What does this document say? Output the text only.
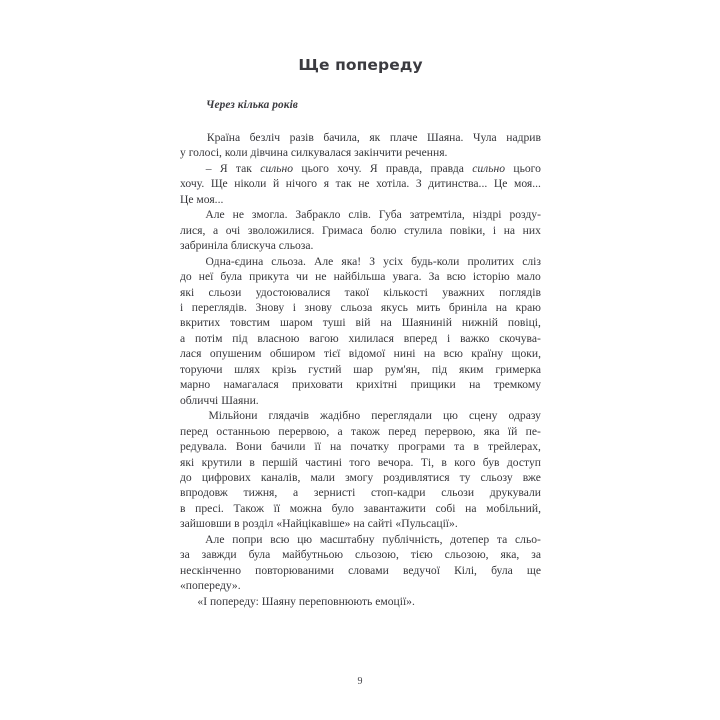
Ще попереду
Через кілька років

Країна безліч разів бачила, як плаче Шаяна. Чула надрив
у голосі, коли дівчина силкувалася закінчити речення.

– Я так сильно цього хочу. Я правда, правда сильно цього
хочу. Ще ніколи й нічого я так не хотіла. З дитинства... Це моя...
Це моя...

Але не змогла. Забракло слів. Губа затремтіла, ніздрі розду-
лися, а очі зволожилися. Гримаса болю стулила повіки, і на них
забриніла блискуча сльоза.

Одна-єдина сльоза. Але яка! З усіх будь-коли пролитих сліз
до неї була прикута чи не найбільша увага. За всю історію мало
які сльози удостоювалися такої кількості уважних поглядів
і переглядів. Знову і знову сльоза якусь мить бриніла на краю
вкритих товстим шаром туші вій на Шаяниній нижній повіці,
а потім під власною вагою хилилася вперед і важко скочува-
лася опушеним обширом тієї відомої нині на всю країну щоки,
торуючи шлях крізь густий шар рум'ян, під яким гримерка
марно намагалася приховати крихітні прищики на тремкому
обличчі Шаяни.

Мільйони глядачів жадібно переглядали цю сцену одразу
перед останньою перервою, а також перед перервою, яка їй пе-
редувала. Вони бачили її на початку програми та в трейлерах,
які крутили в першій частині того вечора. Ті, в кого був доступ
до цифрових каналів, мали змогу роздивлятися ту сльозу вже
впродовж тижня, а зернисті стоп-кадри сльози друкували
в пресі. Також її можна було завантажити собі на мобільний,
зайшовши в розділ «Найцікавіше» на сайті «Пульсації».

Але попри всю цю масштабну публічність, дотепер та сльо-
за завжди була майбутньою сльозою, тією сльозою, яка, за
нескінченно повторюваними словами ведучої Кілі, була ще
«попереду».
«І попереду: Шаяну переповнюють емоції».
9
